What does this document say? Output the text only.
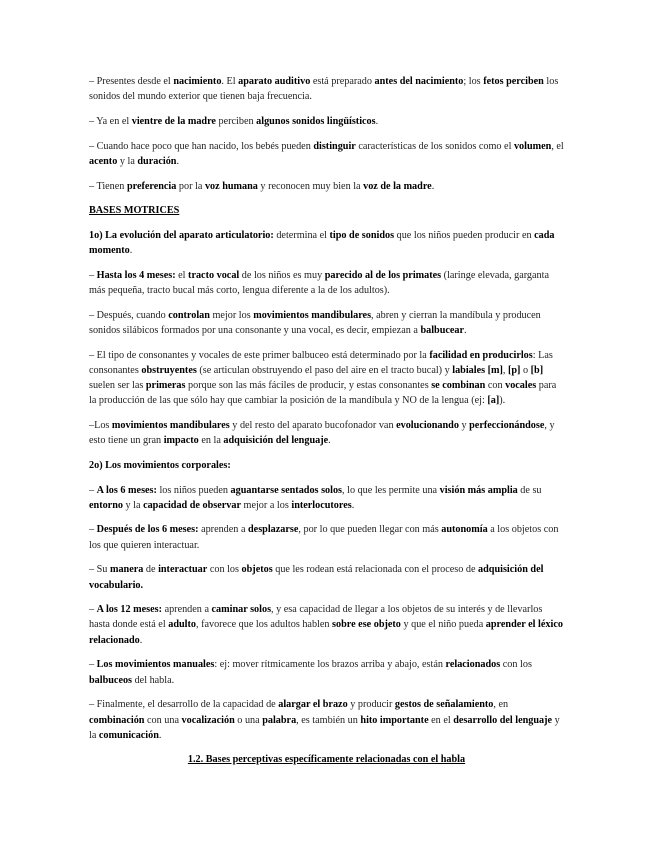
– Presentes desde el nacimiento. El aparato auditivo está preparado antes del nacimiento; los fetos perciben los sonidos del mundo exterior que tienen baja frecuencia.

– Ya en el vientre de la madre perciben algunos sonidos lingüísticos.

– Cuando hace poco que han nacido, los bebés pueden distinguir características de los sonidos como el volumen, el acento y la duración.

– Tienen preferencia por la voz humana y reconocen muy bien la voz de la madre.

BASES MOTRICES

1o) La evolución del aparato articulatorio: determina el tipo de sonidos que los niños pueden producir en cada momento.

– Hasta los 4 meses: el tracto vocal de los niños es muy parecido al de los primates (laringe elevada, garganta más pequeña, tracto bucal más corto, lengua diferente a la de los adultos).

– Después, cuando controlan mejor los movimientos mandibulares, abren y cierran la mandíbula y producen sonidos silábicos formados por una consonante y una vocal, es decir, empiezan a balbucear.

– El tipo de consonantes y vocales de este primer balbuceo está determinado por la facilidad en producirlos: Las consonantes obstruyentes (se articulan obstruyendo el paso del aire en el tracto bucal) y labiales [m], [p] o [b] suelen ser las primeras porque son las más fáciles de producir, y estas consonantes se combinan con vocales para la producción de las que sólo hay que cambiar la posición de la mandíbula y NO de la lengua (ej: [a]).

–Los movimientos mandibulares y del resto del aparato bucofonador van evolucionando y perfeccionándose, y esto tiene un gran impacto en la adquisición del lenguaje.

2o) Los movimientos corporales:

– A los 6 meses: los niños pueden aguantarse sentados solos, lo que les permite una visión más amplia de su entorno y la capacidad de observar mejor a los interlocutores.

– Después de los 6 meses: aprenden a desplazarse, por lo que pueden llegar con más autonomía a los objetos con los que quieren interactuar.

– Su manera de interactuar con los objetos que les rodean está relacionada con el proceso de adquisición del vocabulario.

– A los 12 meses: aprenden a caminar solos, y esa capacidad de llegar a los objetos de su interés y de llevarlos hasta donde está el adulto, favorece que los adultos hablen sobre ese objeto y que el niño pueda aprender el léxico relacionado.

– Los movimientos manuales: ej: mover rítmicamente los brazos arriba y abajo, están relacionados con los balbuceos del habla.

– Finalmente, el desarrollo de la capacidad de alargar el brazo y producir gestos de señalamiento, en combinación con una vocalización o una palabra, es también un hito importante en el desarrollo del lenguaje y la comunicación.

1.2. Bases perceptivas específicamente relacionadas con el habla
